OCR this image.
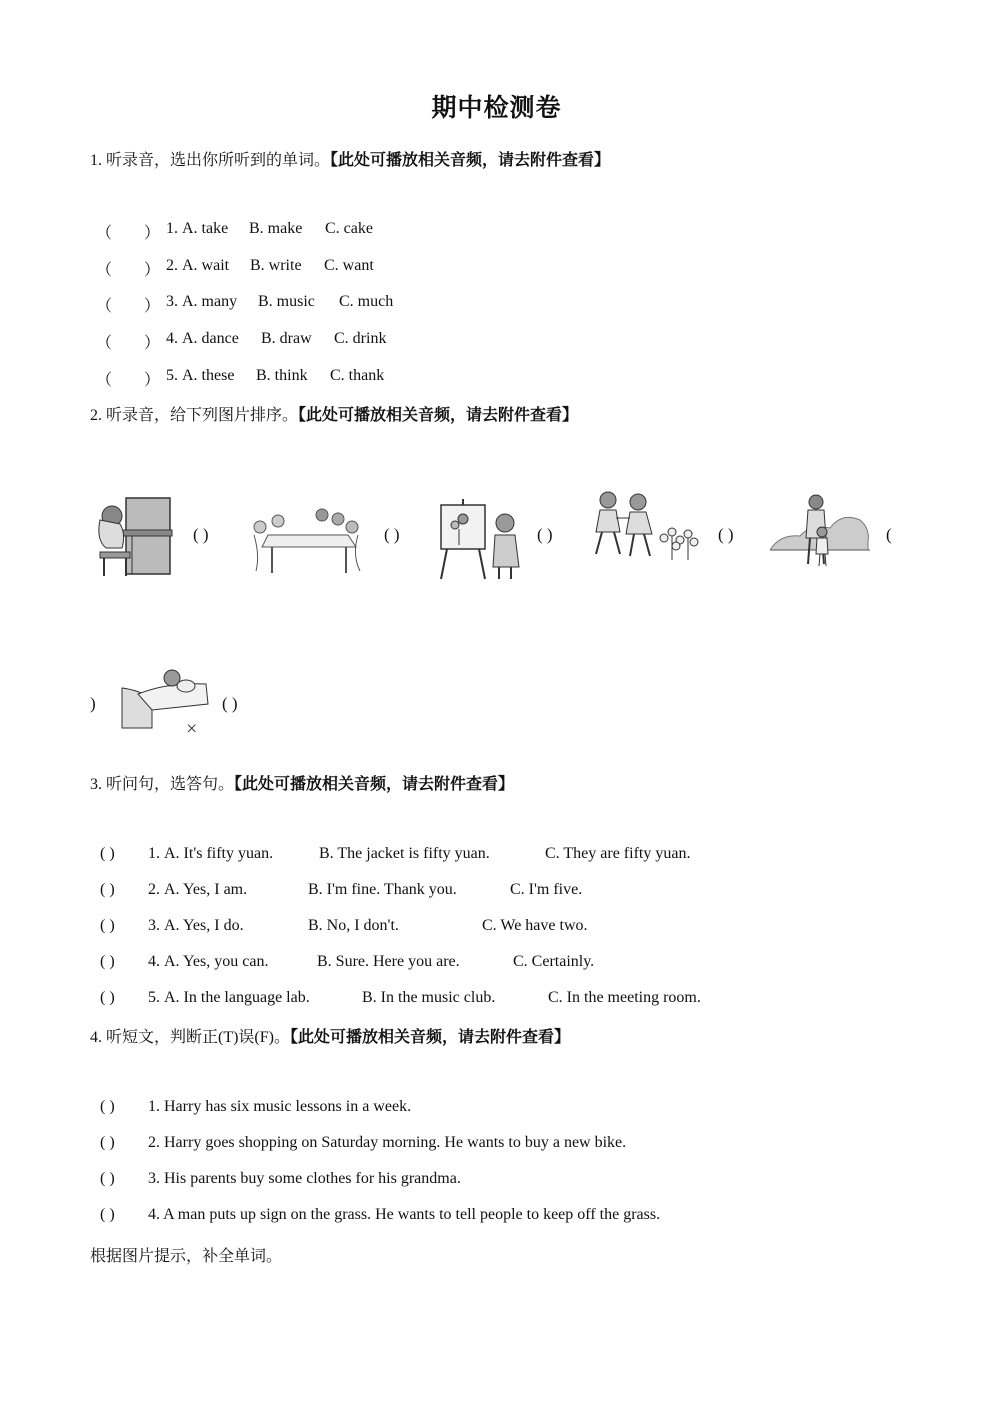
期中检测卷
1. 听录音，选出你所听到的单词。【此处可播放相关音频，请去附件查看】
（　　） 1. A. take B. make C. cake
（　　） 2. A. wait B. write C. want
（　　） 3. A. many B. music C. much
（　　） 4. A. dance B. draw C. drink
（　　） 5. A. these B. think C. thank
2. 听录音，给下列图片排序。【此处可播放相关音频，请去附件查看】
( )	( )	( )	( )	(
)
×
( )
3. 听问句，选答句。【此处可播放相关音频，请去附件查看】
( ) 1. A. It's fifty yuan.	B. The jacket is fifty yuan.	C. They are fifty yuan.
( ) 2. A. Yes, I am.	B. I'm fine. Thank you.	C. I'm five.
( ) 3. A. Yes, I do.	B. No, I don't.	C. We have two.
( ) 4. A. Yes, you can.	B. Sure. Here you are.	C. Certainly.
( ) 5. A. In the language lab.	B. In the music club.	C. In the meeting room.
4. 听短文，判断正(T)误(F)。【此处可播放相关音频，请去附件查看】
( ) 1. Harry has six music lessons in a week.
( ) 2. Harry goes shopping on Saturday morning. He wants to buy a new bike.
( ) 3. His parents buy some clothes for his grandma.
( ) 4. A man puts up sign on the grass. He wants to tell people to keep off the grass.
根据图片提示，补全单词。
